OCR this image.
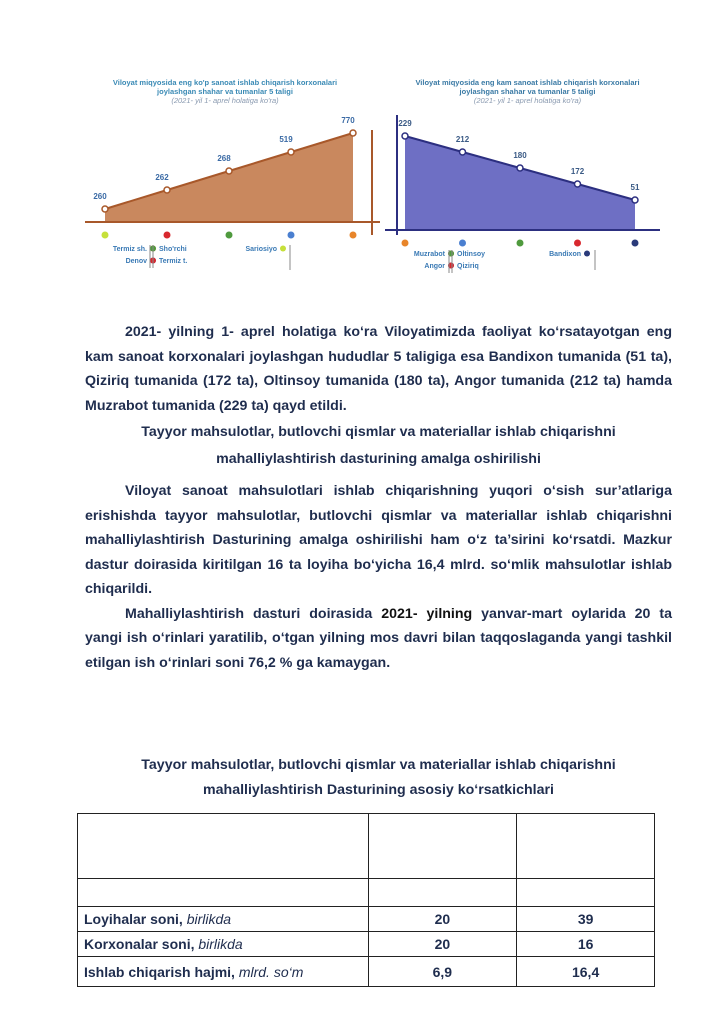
Viloyat miqyosida eng ko'p sanoat ishlab chiqarish korxonalari joylashgan shahar va tumanlar 5 taligi
(2021- yil 1- aprel holatiga ko'ra)
260
262
268
519
770
Termiz sh.
Denov
Sho'rchi
Termiz t.
Sariosiyo
Viloyat miqyosida eng kam sanoat ishlab chiqarish korxonalari joylashgan shahar va tumanlar 5 taligi
(2021- yil 1- aprel holatiga ko'ra)
229
212
180
172
51
Muzrabot
Angor
Oltinsoy
Qiziriq
Bandixon

2021- yilning 1- aprel holatiga ko‘ra Viloyatimizda faoliyat ko‘rsatayotgan eng kam sanoat korxonalari joylashgan hududlar 5 taligiga esa Bandixon tumanida (51 ta), Qiziriq tumanida (172 ta), Oltinsoy tumanida (180 ta), Angor tumanida (212 ta) hamda Muzrabot tumanida (229 ta) qayd etildi.

Tayyor mahsulotlar, butlovchi qismlar va materiallar ishlab chiqarishni

mahalliylashtirish dasturining amalga oshirilishi

Viloyat sanoat mahsulotlari ishlab chiqarishning yuqori o‘sish sur’atlariga erishishda tayyor mahsulotlar, butlovchi qismlar va materiallar ishlab chiqarishni mahalliylashtirish Dasturining amalga oshirilishi ham o‘z ta’sirini ko‘rsatdi. Mazkur dastur doirasida kiritilgan 16 ta loyiha bo‘yicha 16,4 mlrd. so‘mlik mahsulotlar ishlab chiqarildi.

Mahalliylashtirish dasturi doirasida 2021- yilning yanvar-mart oylarida 20 ta yangi ish o‘rinlari yaratilib, o‘tgan yilning mos davri bilan taqqoslaganda yangi tashkil etilgan ish o‘rinlari soni 76,2 % ga kamaygan.

Tayyor mahsulotlar, butlovchi qismlar va materiallar ishlab chiqarishni

mahalliylashtirish Dasturining asosiy ko‘rsatkichlari

Loyihalar soni, birlikda	20	39
Korxonalar soni, birlikda	20	16
Ishlab chiqarish hajmi, mlrd. so‘m	6,9	16,4
